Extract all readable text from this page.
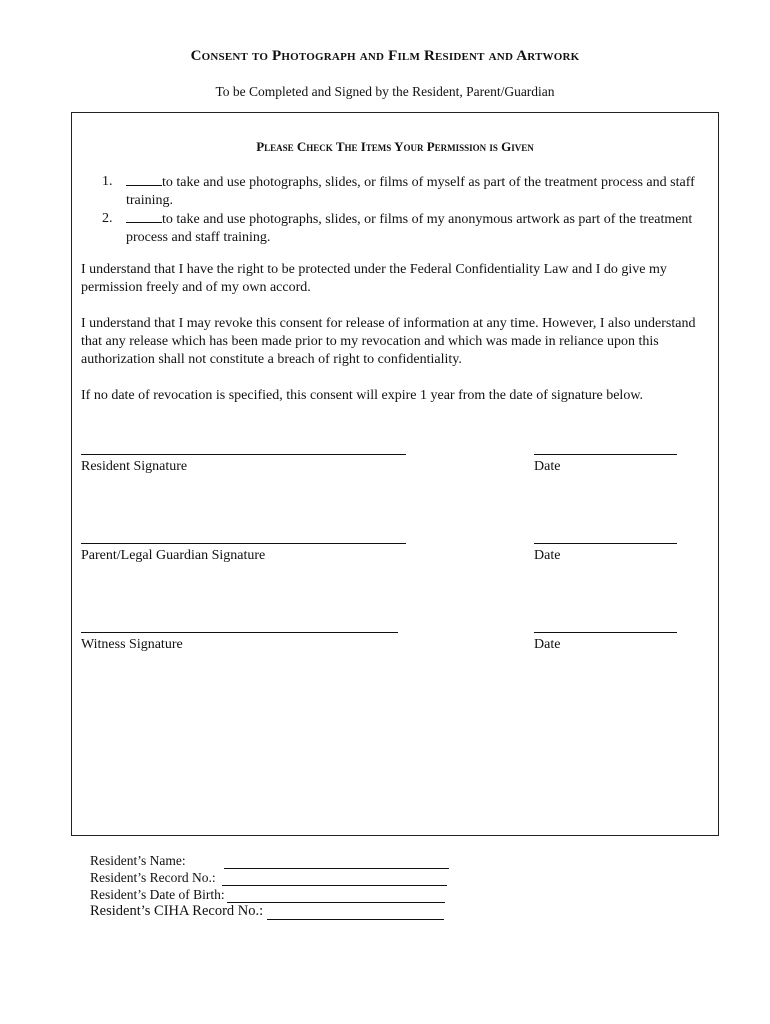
Consent to Photograph and Film Resident and Artwork
To be Completed and Signed by the Resident, Parent/Guardian
Please Check The Items Your Permission is Given
1.	to take and use photographs, slides, or films of myself as part of the treatment process and staff training.
2.	to take and use photographs, slides, or films of my anonymous artwork as part of the treatment process and staff training.
I understand that I have the right to be protected under the Federal Confidentiality Law and I do give my permission freely and of my own accord.
I understand that I may revoke this consent for release of information at any time. However, I also understand that any release which has been made prior to my revocation and which was made in reliance upon this authorization shall not constitute a breach of right to confidentiality.
If no date of revocation is specified, this consent will expire 1 year from the date of signature below.
Resident Signature	Date
Parent/Legal Guardian Signature	Date
Witness Signature	Date
Resident’s Name:
Resident’s Record No.:
Resident’s Date of Birth:
Resident’s CIHA Record No.:
